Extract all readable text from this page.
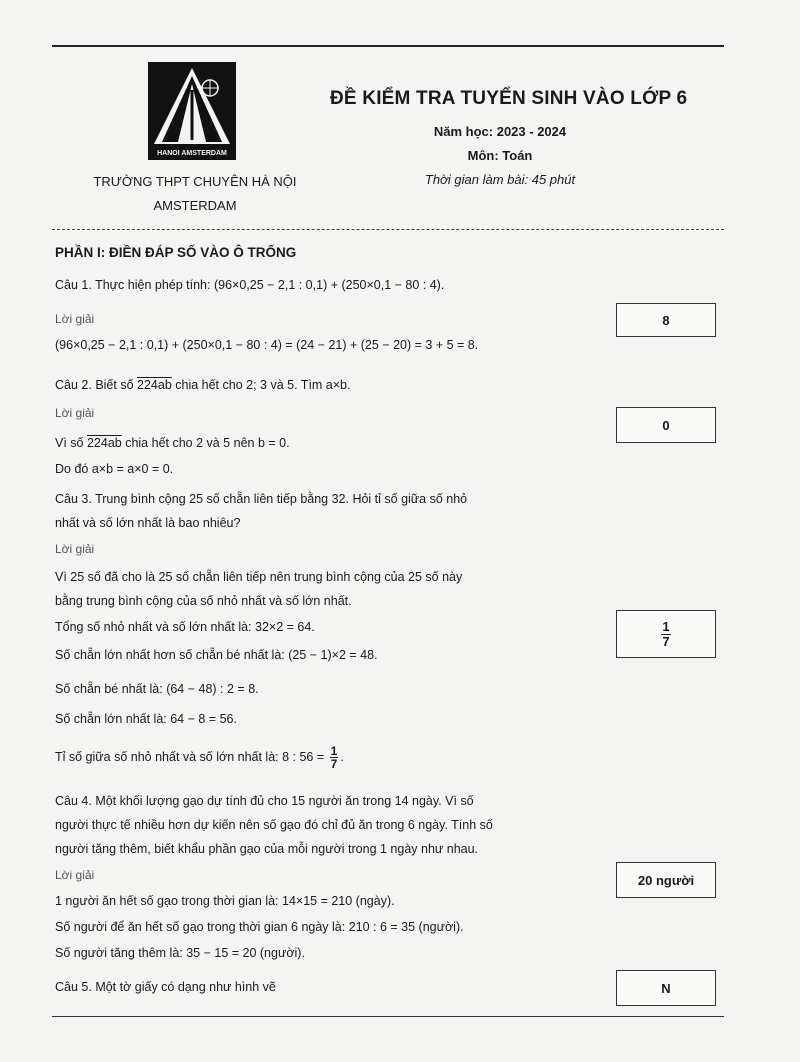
HANOI AMSTERDAM
TRƯỜNG THPT CHUYÊN HÀ NỘI
AMSTERDAM
ĐỀ KIỂM TRA TUYỂN SINH VÀO LỚP 6
Năm học: 2023 - 2024
Môn: Toán
Thời gian làm bài: 45 phút
PHẦN I: ĐIỀN ĐÁP SỐ VÀO Ô TRỐNG
Câu 1. Thực hiện phép tính: (96×0,25 − 2,1 : 0,1) + (250×0,1 − 80 : 4).
Lời giải
(96×0,25 − 2,1 : 0,1) + (250×0,1 − 80 : 4) = (24 − 21) + (25 − 20) = 3 + 5 = 8.
8
Câu 2. Biết số 224ab chia hết cho 2; 3 và 5. Tìm a×b.
Lời giải
Vì số 224ab chia hết cho 2 và 5 nên b = 0.
Do đó a×b = a×0 = 0.
0
Câu 3. Trung bình cộng 25 số chẵn liên tiếp bằng 32. Hỏi tỉ số giữa số nhỏ
nhất và số lớn nhất là bao nhiêu?
Lời giải
Vì 25 số đã cho là 25 số chẵn liên tiếp nên trung bình cộng của 25 số này
bằng trung bình cộng của số nhỏ nhất và số lớn nhất.
Tổng số nhỏ nhất và số lớn nhất là: 32×2 = 64.
Số chẵn lớn nhất hơn số chẵn bé nhất là: (25 − 1)×2 = 48.
Số chẵn bé nhất là: (64 − 48) : 2 = 8.
Số chẵn lớn nhất là: 64 − 8 = 56.
Tỉ số giữa số nhỏ nhất và số lớn nhất là: 8 : $56 = \frac{1}{7}$ .
$\frac{1}{7}$
Câu 4. Một khối lượng gạo dự tính đủ cho 15 người ăn trong 14 ngày. Vì số
người thực tế nhiều hơn dự kiến nên số gạo đó chỉ đủ ăn trong 6 ngày. Tính số
người tăng thêm, biết khẩu phần gạo của mỗi người trong 1 ngày như nhau.
Lời giải
1 người ăn hết số gạo trong thời gian là: 14×15 = 210 (ngày).
Số người để ăn hết số gạo trong thời gian 6 ngày là: 210 : 6 = 35 (người).
Số người tăng thêm là: 35 − 15 = 20 (người).
20 người
Câu 5. Một tờ giấy có dạng như hình vẽ	N
